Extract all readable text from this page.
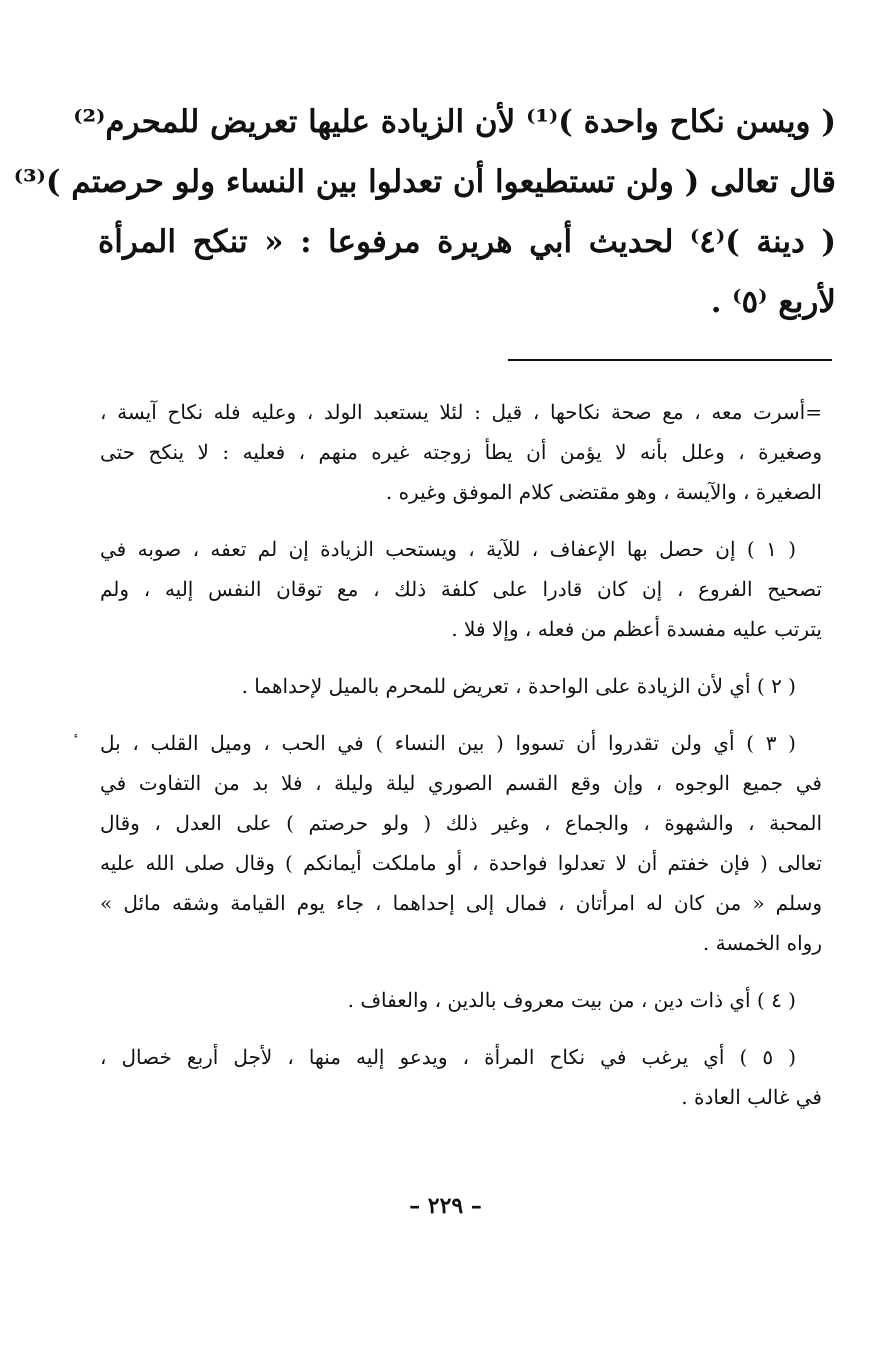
( ويسن نكاح واحدة )⁽¹⁾ لأن الزيادة عليها تعريض للمحرم⁽²⁾
قال تعالى ( ولن تستطيعوا أن تعدلوا بين النساء ولو حرصتم )⁽³⁾
( دينة )⁽٤⁾ لحديث أبي هريرة مرفوعا : « تنكح المرأة
لأربع ⁽٥⁾ .
=أسرت معه ، مع صحة نكاحها ، قيل : لئلا يستعبد الولد ، وعليه فله نكاح آيسة ،
وصغيرة ، وعلل بأنه لا يؤمن أن يطأ زوجته غيره منهم ، فعليه : لا ينكح حتى
الصغيرة ، والآيسة ، وهو مقتضى كلام الموفق وغيره .
( ١ ) إن حصل بها الإعفاف ، للآية ، ويستحب الزيادة إن لم تعفه ، صوبه في
تصحيح الفروع ، إن كان قادرا على كلفة ذلك ، مع توقان النفس إليه ، ولم
يترتب عليه مفسدة أعظم من فعله ، وإلا فلا .
( ٢ ) أي لأن الزيادة على الواحدة ، تعريض للمحرم بالميل لإحداهما .
( ٣ ) أي ولن تقدروا أن تسووا ( بين النساء ) في الحب ، وميل القلب ، بل
في جميع الوجوه ، وإن وقع القسم الصوري ليلة وليلة ، فلا بد من التفاوت في
المحبة ، والشهوة ، والجماع ، وغير ذلك ( ولو حرصتم ) على العدل ، وقال
تعالى ( فإن خفتم أن لا تعدلوا فواحدة ، أو ماملكت أيمانكم ) وقال صلى الله عليه
وسلم « من كان له امرأتان ، فمال إلى إحداهما ، جاء يوم القيامة وشقه مائل »
رواه الخمسة .
( ٤ ) أي ذات دين ، من بيت معروف بالدين ، والعفاف .
( ٥ ) أي يرغب في نكاح المرأة ، ويدعو إليه منها ، لأجل أربع خصال ،
في غالب العادة .
– ٢٢٩ –
